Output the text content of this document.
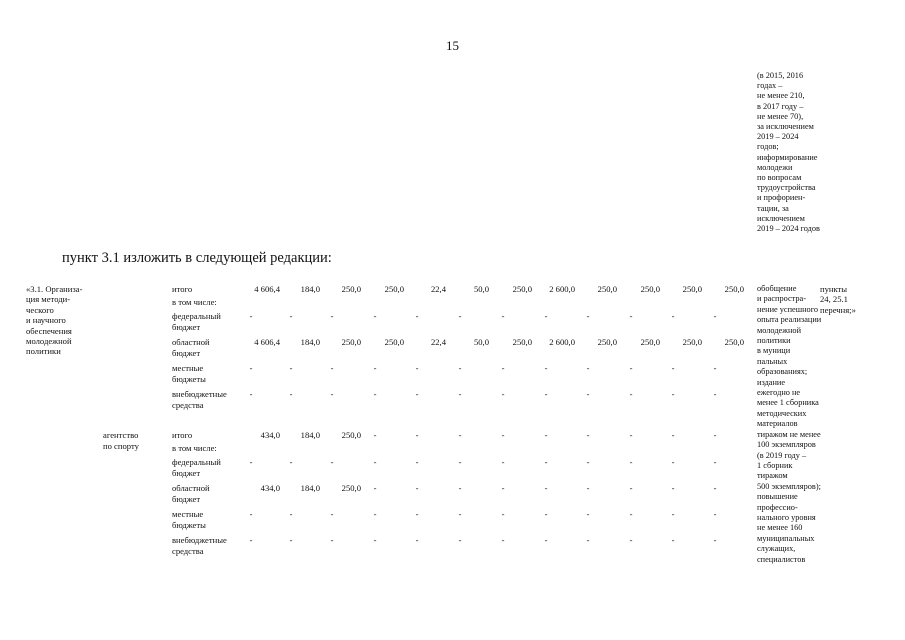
15
(в 2015, 2016
годах –
не менее 210,
в 2017 году –
не менее 70),
за исключением
2019 – 2024
годов;
информирование
молодежи
по вопросам
трудоустройства
и профориен-
тации, за
исключением
2019 – 2024 годов
пункт 3.1 изложить в следующей редакции:
обобщение
и распростра-
нение успешного
опыта реализации
молодежной
политики
в муници
пальных
образованиях;
издание
ежегодно не
менее 1 сборника
методических
материалов
тиражом не менее
100 экземпляров
(в 2019 году –
1 сборник
тиражом
500 экземпляров);
повышение
профессио-
нального уровня
не менее 160
муниципальных
служащих,
специалистов
пункты
24, 25.1
перечня;»
«3.1. Организа-
ция методи-
ческого
и научного
обеспечения
молодежной
политики
итого	4 606,4	184,0	250,0	250,0	22,4	50,0	250,0	2 600,0	250,0	250,0	250,0	250,0
в том числе:
федеральный
бюджет
-	-	-	-	-	-	-	-	-	-	-	-
областной
бюджет
4 606,4	184,0	250,0	250,0	22,4	50,0	250,0	2 600,0	250,0	250,0	250,0	250,0
местные
бюджеты
-	-	-	-	-	-	-	-	-	-	-	-
внебюджетные
средства
-	-	-	-	-	-	-	-	-	-	-	-
агентство
по спорту
итого	434,0	184,0	250,0	-	-	-	-	-	-	-	-	-
в том числе:
федеральный
бюджет
-	-	-	-	-	-	-	-	-	-	-	-
областной
бюджет
434,0	184,0	250,0	-	-	-	-	-	-	-	-	-
местные
бюджеты
-	-	-	-	-	-	-	-	-	-	-	-
внебюджетные
средства
-	-	-	-	-	-	-	-	-	-	-	-
